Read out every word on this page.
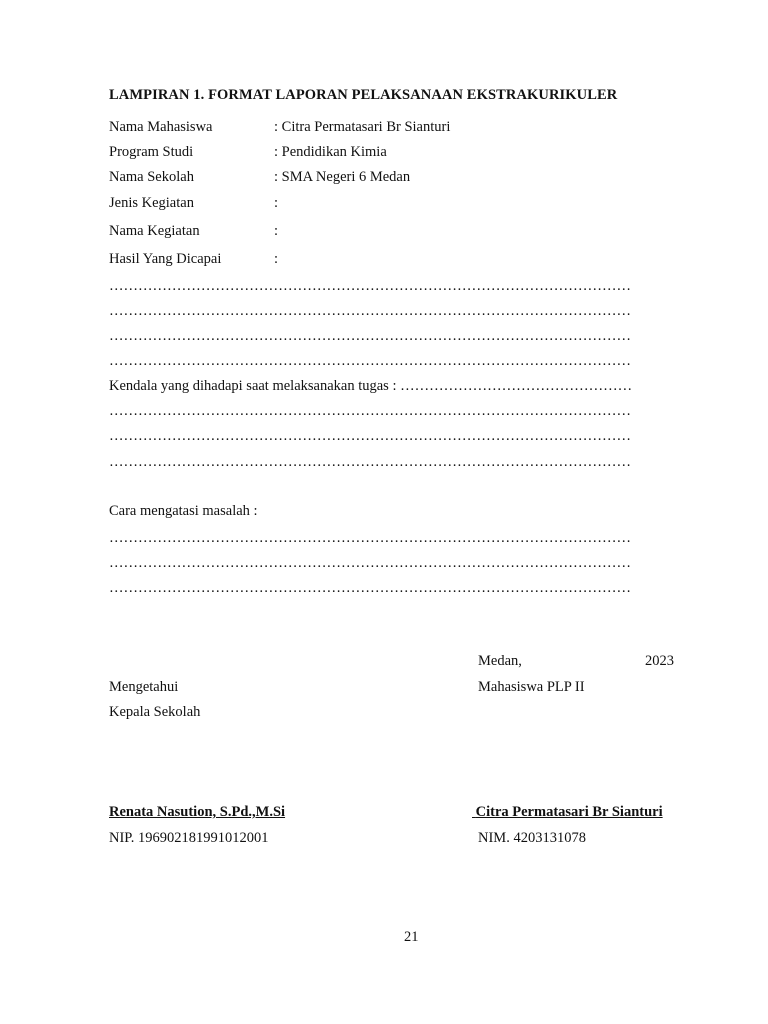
LAMPIRAN 1. FORMAT LAPORAN PELAKSANAAN EKSTRAKURIKULER
Nama Mahasiswa	: Citra Permatasari Br Sianturi
Program Studi	: Pendidikan Kimia
Nama Sekolah	: SMA Negeri 6 Medan
Jenis Kegiatan	:
Nama Kegiatan	:
Hasil Yang Dicapai	:
………………………………………………………………………………………………
………………………………………………………………………………………………
………………………………………………………………………………………………
………………………………………………………………………………………………
Kendala yang dihadapi saat melaksanakan tugas : …………………………………………
………………………………………………………………………………………………
………………………………………………………………………………………………
………………………………………………………………………………………………
Cara mengatasi masalah :
………………………………………………………………………………………………
………………………………………………………………………………………………
………………………………………………………………………………………………
Medan,	2023
Mengetahui
Kepala Sekolah
Mahasiswa PLP II
Renata Nasution, S.Pd.,M.Si
NIP. 196902181991012001
Citra Permatasari Br Sianturi
NIM. 4203131078
21
